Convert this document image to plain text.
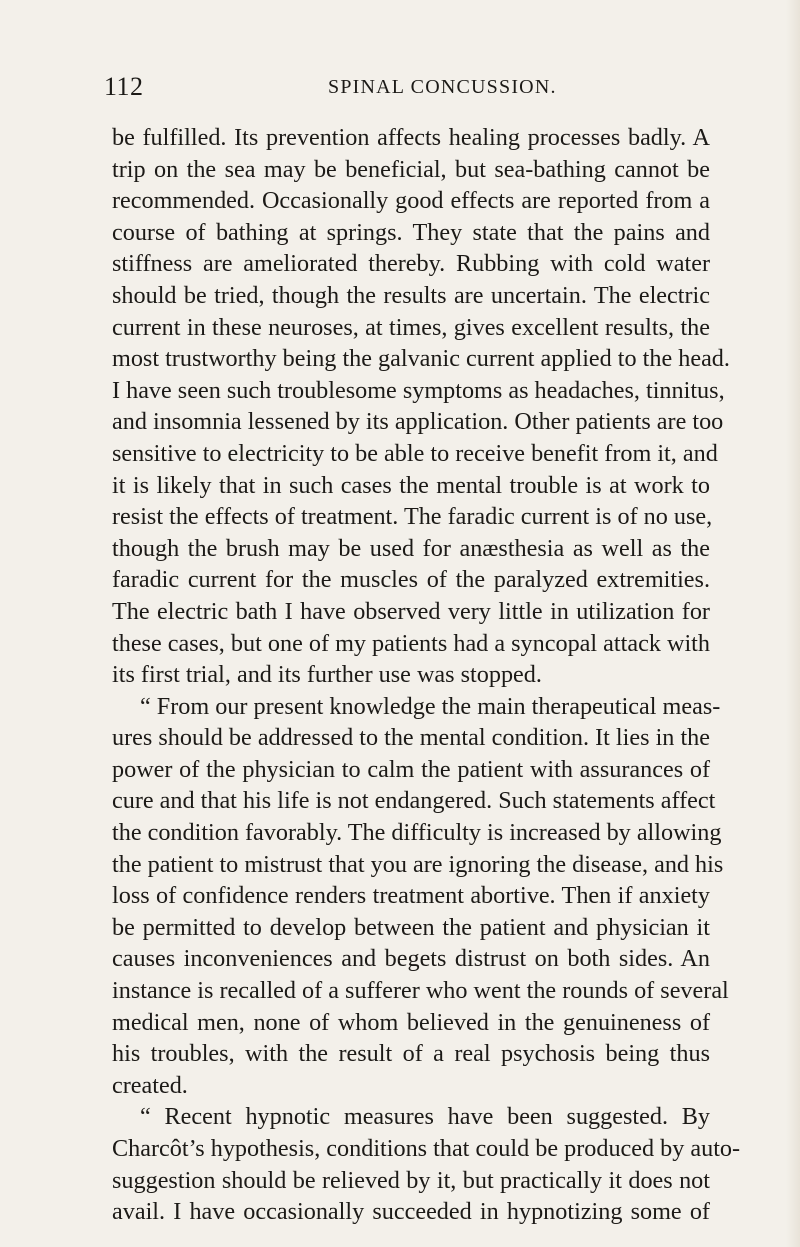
112	SPINAL CONCUSSION.
be fulfilled. Its prevention affects healing processes badly. A
trip on the sea may be beneficial, but sea-bathing cannot be
recommended. Occasionally good effects are reported from a
course of bathing at springs. They state that the pains and
stiffness are ameliorated thereby. Rubbing with cold water
should be tried, though the results are uncertain. The electric
current in these neuroses, at times, gives excellent results, the
most trustworthy being the galvanic current applied to the head.
I have seen such troublesome symptoms as headaches, tinnitus,
and insomnia lessened by its application. Other patients are too
sensitive to electricity to be able to receive benefit from it, and
it is likely that in such cases the mental trouble is at work to
resist the effects of treatment. The faradic current is of no use,
though the brush may be used for anæsthesia as well as the
faradic current for the muscles of the paralyzed extremities.
The electric bath I have observed very little in utilization for
these cases, but one of my patients had a syncopal attack with
its first trial, and its further use was stopped.
“ From our present knowledge the main therapeutical meas-
ures should be addressed to the mental condition. It lies in the
power of the physician to calm the patient with assurances of
cure and that his life is not endangered. Such statements affect
the condition favorably. The difficulty is increased by allowing
the patient to mistrust that you are ignoring the disease, and his
loss of confidence renders treatment abortive. Then if anxiety
be permitted to develop between the patient and physician it
causes inconveniences and begets distrust on both sides. An
instance is recalled of a sufferer who went the rounds of several
medical men, none of whom believed in the genuineness of
his troubles, with the result of a real psychosis being thus
created.
“ Recent hypnotic measures have been suggested. By
Charcôt’s hypothesis, conditions that could be produced by auto-
suggestion should be relieved by it, but practically it does not
avail. I have occasionally succeeded in hypnotizing some of
